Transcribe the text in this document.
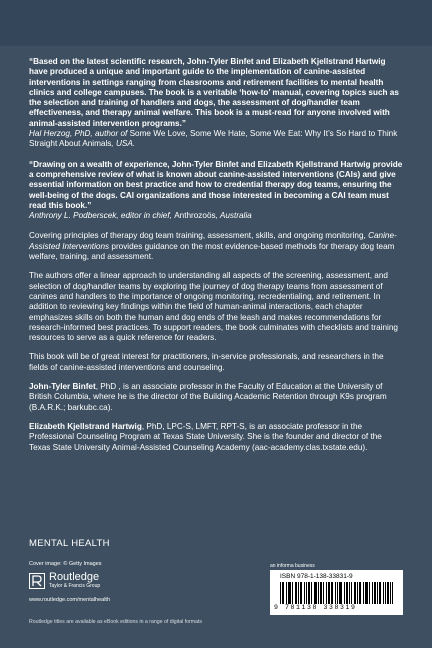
“Based on the latest scientific research, John-Tyler Binfet and Elizabeth Kjellstrand Hartwig have produced a unique and important guide to the implementation of canine-assisted interventions in settings ranging from classrooms and retirement facilities to mental health clinics and college campuses. The book is a veritable ‘how-to’ manual, covering topics such as the selection and training of handlers and dogs, the assessment of dog/handler team effectiveness, and therapy animal welfare. This book is a must-read for anyone involved with animal-assisted intervention programs.”

Hal Herzog, PhD, author of Some We Love, Some We Hate, Some We Eat: Why It’s So Hard to Think Straight About Animals, USA.

“Drawing on a wealth of experience, John-Tyler Binfet and Elizabeth Kjellstrand Hartwig provide a comprehensive review of what is known about canine-assisted interventions (CAIs) and give essential information on best practice and how to credential therapy dog teams, ensuring the well-being of the dogs. CAI organizations and those interested in becoming a CAI team must read this book.”

Anthrony L. Podberscek, editor in chief, Anthrozoös, Australia

Covering principles of therapy dog team training, assessment, skills, and ongoing monitoring, Canine-Assisted Interventions provides guidance on the most evidence-based methods for therapy dog team welfare, training, and assessment.

The authors offer a linear approach to understanding all aspects of the screening, assessment, and selection of dog/handler teams by exploring the journey of dog therapy teams from assessment of canines and handlers to the importance of ongoing monitoring, recredentialing, and retirement. In addition to reviewing key findings within the field of human-animal interactions, each chapter emphasizes skills on both the human and dog ends of the leash and makes recommendations for research-informed best practices. To support readers, the book culminates with checklists and training resources to serve as a quick reference for readers.

This book will be of great interest for practitioners, in-service professionals, and researchers in the fields of canine-assisted interventions and counseling.

John-Tyler Binfet, PhD , is an associate professor in the Faculty of Education at the University of British Columbia, where he is the director of the Building Academic Retention through K9s program (B.A.R.K.; barkubc.ca).

Elizabeth Kjellstrand Hartwig, PhD, LPC-S, LMFT, RPT-S, is an associate professor in the Professional Counseling Program at Texas State University. She is the founder and director of the Texas State University Animal-Assisted Counseling Academy (aac-academy.clas.txstate.edu).

MENTAL HEALTH
Cover image: © Getty Images
Routledge
Taylor & Francis Group
www.routledge.com/mentalhealth
Routledge titles are available as eBook editions in a range of digital formats
an informa business
ISBN 978-1-138-33831-9
9 781138 338319
